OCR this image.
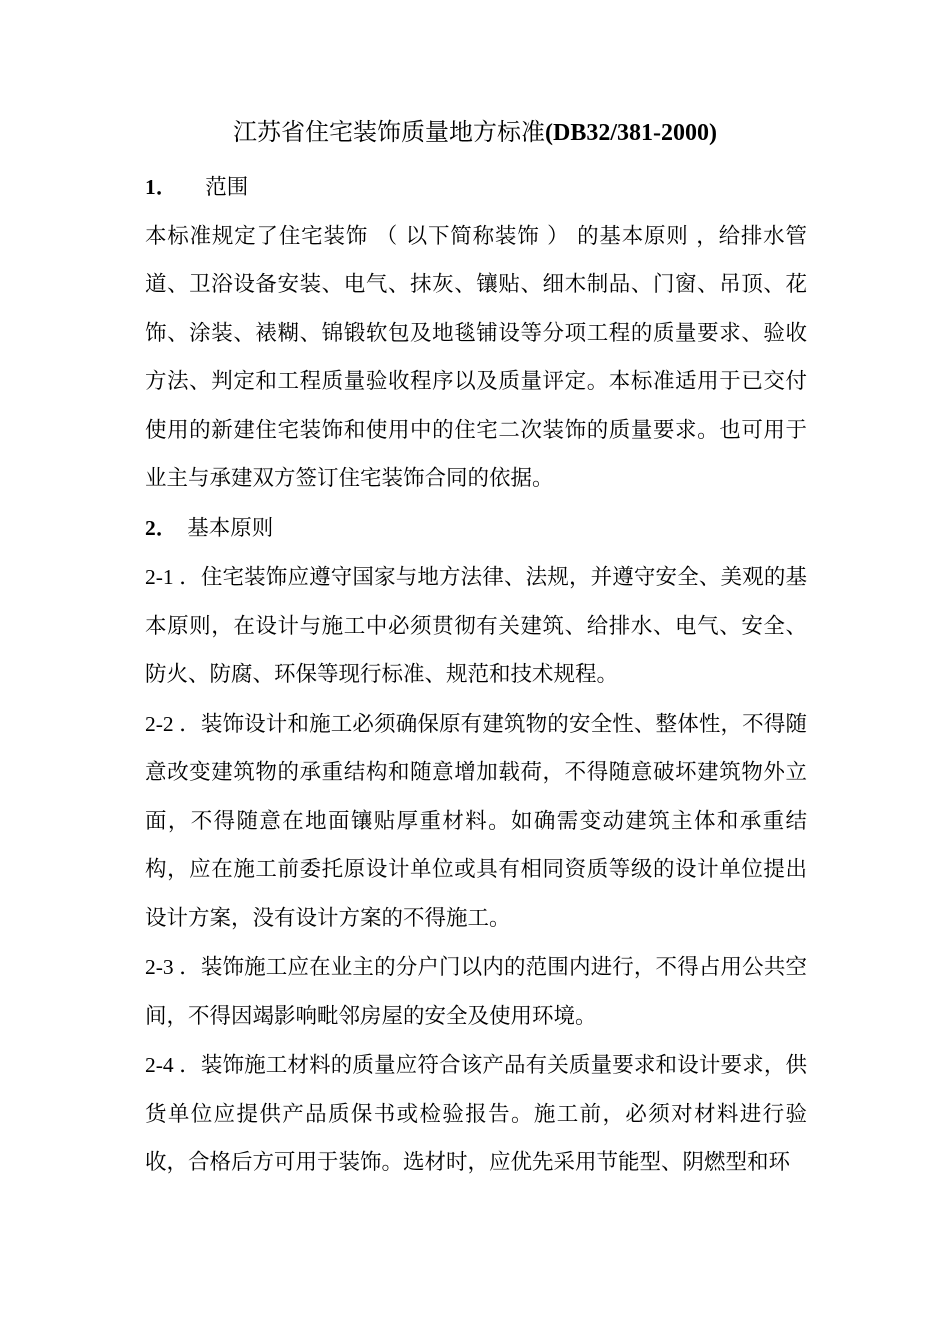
江苏省住宅装饰质量地方标准(DB32/381-2000)

1． 范围

本标准规定了住宅装饰 （ 以下简称装饰 ） 的基本原则 ，给排水管道、卫浴设备安装、电气、抹灰、镶贴、细木制品、门窗、吊顶、花饰、涂装、裱糊、锦锻软包及地毯铺设等分项工程的质量要求、验收方法、判定和工程质量验收程序以及质量评定。本标准适用于已交付使用的新建住宅装饰和使用中的住宅二次装饰的质量要求。也可用于业主与承建双方签订住宅装饰合同的依据。

2． 基本原则

2-1 ．住宅装饰应遵守国家与地方法律、法规，并遵守安全、美观的基本原则，在设计与施工中必须贯彻有关建筑、给排水、电气、安全、防火、防腐、环保等现行标准、规范和技术规程。

2-2 ．装饰设计和施工必须确保原有建筑物的安全性、整体性，不得随意改变建筑物的承重结构和随意增加载荷，不得随意破坏建筑物外立面，不得随意在地面镶贴厚重材料。如确需变动建筑主体和承重结构，应在施工前委托原设计单位或具有相同资质等级的设计单位提出设计方案，没有设计方案的不得施工。

2-3 ．装饰施工应在业主的分户门以内的范围内进行，不得占用公共空间，不得因竭影响毗邻房屋的安全及使用环境。

2-4 ．装饰施工材料的质量应符合该产品有关质量要求和设计要求，供货单位应提供产品质保书或检验报告。施工前，必须对材料进行验收，合格后方可用于装饰。选材时，应优先采用节能型、阴燃型和环
